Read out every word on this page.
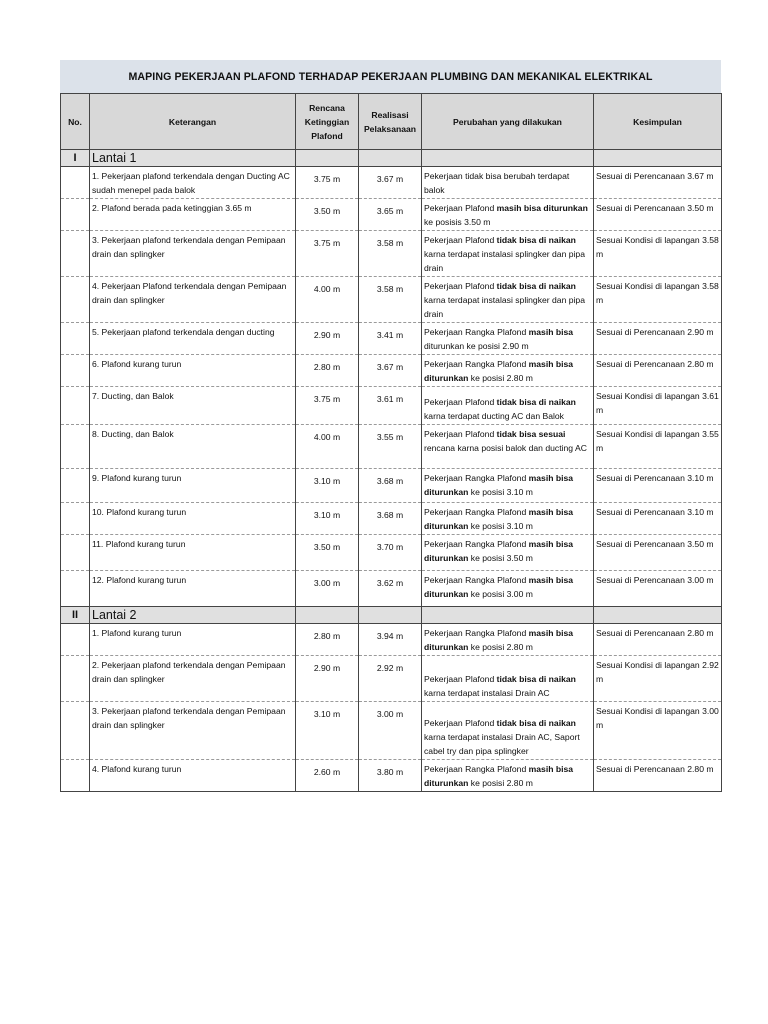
MAPING PEKERJAAN PLAFOND TERHADAP PEKERJAAN PLUMBING DAN MEKANIKAL ELEKTRIKAL
No.	Keterangan	Rencana Ketinggian Plafond	Realisasi Pelaksanaan	Perubahan yang dilakukan	Kesimpulan
I	Lantai 1				
	1. Pekerjaan plafond terkendala dengan Ducting AC sudah menepel pada balok	3.75 m	3.67 m	Pekerjaan tidak bisa berubah terdapat balok	Sesuai di Perencanaan 3.67 m
	2. Plafond berada pada ketinggian 3.65 m	3.50 m	3.65 m	Pekerjaan Plafond masih bisa diturunkan ke posisis 3.50 m	Sesuai di Perencanaan 3.50 m
	3. Pekerjaan plafond terkendala dengan Pemipaan drain dan splingker	3.75 m	3.58 m	Pekerjaan Plafond tidak bisa di naikan karna terdapat instalasi splingker dan pipa drain	Sesuai Kondisi di lapangan 3.58 m
	4. Pekerjaan Plafond terkendala dengan Pemipaan drain dan splingker	4.00 m	3.58 m	Pekerjaan Plafond tidak bisa di naikan karna terdapat instalasi splingker dan pipa drain	Sesuai Kondisi di lapangan 3.58 m
	5. Pekerjaan plafond terkendala dengan ducting	2.90 m	3.41 m	Pekerjaan Rangka Plafond masih bisa diturunkan ke posisi 2.90 m	Sesuai di Perencanaan 2.90 m
	6. Plafond kurang turun	2.80 m	3.67 m	Pekerjaan Rangka Plafond masih bisa diturunkan ke posisi 2.80 m	Sesuai di Perencanaan 2.80 m
	7. Ducting, dan Balok	3.75 m	3.61 m	Pekerjaan Plafond tidak bisa di naikan karna terdapat ducting AC dan Balok	Sesuai Kondisi di lapangan 3.61 m
	8. Ducting, dan Balok	4.00 m	3.55 m	Pekerjaan Plafond tidak bisa sesuai rencana karna posisi balok dan ducting AC	Sesuai Kondisi di lapangan 3.55 m
	9. Plafond kurang turun	3.10 m	3.68 m	Pekerjaan Rangka Plafond masih bisa diturunkan ke posisi 3.10 m	Sesuai di Perencanaan 3.10 m
	10. Plafond kurang turun	3.10 m	3.68 m	Pekerjaan Rangka Plafond masih bisa diturunkan ke posisi 3.10 m	Sesuai di Perencanaan 3.10 m
	11. Plafond kurang turun	3.50 m	3.70 m	Pekerjaan Rangka Plafond masih bisa diturunkan ke posisi 3.50 m	Sesuai di Perencanaan 3.50 m
	12. Plafond kurang turun	3.00 m	3.62 m	Pekerjaan Rangka Plafond masih bisa diturunkan ke posisi 3.00 m	Sesuai di Perencanaan 3.00 m
II	Lantai 2				
	1. Plafond kurang turun	2.80 m	3.94 m	Pekerjaan Rangka Plafond masih bisa diturunkan ke posisi 2.80 m	Sesuai di Perencanaan 2.80 m
	2. Pekerjaan plafond terkendala dengan Pemipaan drain dan splingker	2.90 m	2.92 m	Pekerjaan Plafond tidak bisa di naikan karna terdapat instalasi Drain AC	Sesuai Kondisi di lapangan 2.92 m
	3. Pekerjaan plafond terkendala dengan Pemipaan drain dan splingker	3.10 m	3.00 m	Pekerjaan Plafond tidak bisa di naikan karna terdapat instalasi Drain AC, Saport cabel try dan pipa splingker	Sesuai Kondisi di lapangan 3.00 m
	4. Plafond kurang turun	2.60 m	3.80 m	Pekerjaan Rangka Plafond masih bisa diturunkan ke posisi 2.80 m	Sesuai di Perencanaan 2.80 m
